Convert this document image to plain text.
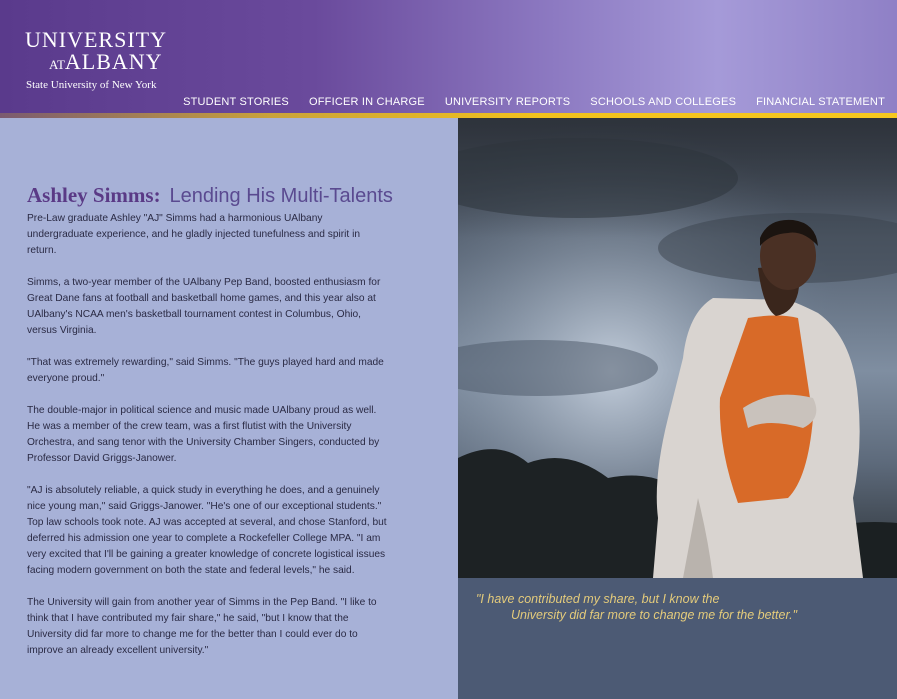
UNIVERSITY
ATALBANY
State University of New York
STUDENT STORIES OFFICER IN CHARGE UNIVERSITY REPORTS SCHOOLS AND COLLEGES FINANCIAL STATEMENT
Ashley Simms: Lending His Multi-Talents

Pre-Law graduate Ashley "AJ" Simms had a harmonious UAlbany undergraduate experience, and he gladly injected tunefulness and spirit in return.

Simms, a two-year member of the UAlbany Pep Band, boosted enthusiasm for Great Dane fans at football and basketball home games, and this year also at UAlbany's NCAA men's basketball tournament contest in Columbus, Ohio, versus Virginia.

"That was extremely rewarding," said Simms. "The guys played hard and made everyone proud."

The double-major in political science and music made UAlbany proud as well. He was a member of the crew team, was a first flutist with the University Orchestra, and sang tenor with the University Chamber Singers, conducted by Professor David Griggs-Janower.

"AJ is absolutely reliable, a quick study in everything he does, and a genuinely nice young man," said Griggs-Janower. "He's one of our exceptional students." Top law schools took note. AJ was accepted at several, and chose Stanford, but deferred his admission one year to complete a Rockefeller College MPA. "I am very excited that I'll be gaining a greater knowledge of concrete logistical issues facing modern government on both the state and federal levels," he said.

The University will gain from another year of Simms in the Pep Band. "I like to think that I have contributed my fair share," he said, "but I know that the University did far more to change me for the better than I could ever do to improve an already excellent university."

"I have contributed my share, but I know the
University did far more to change me for the better."
